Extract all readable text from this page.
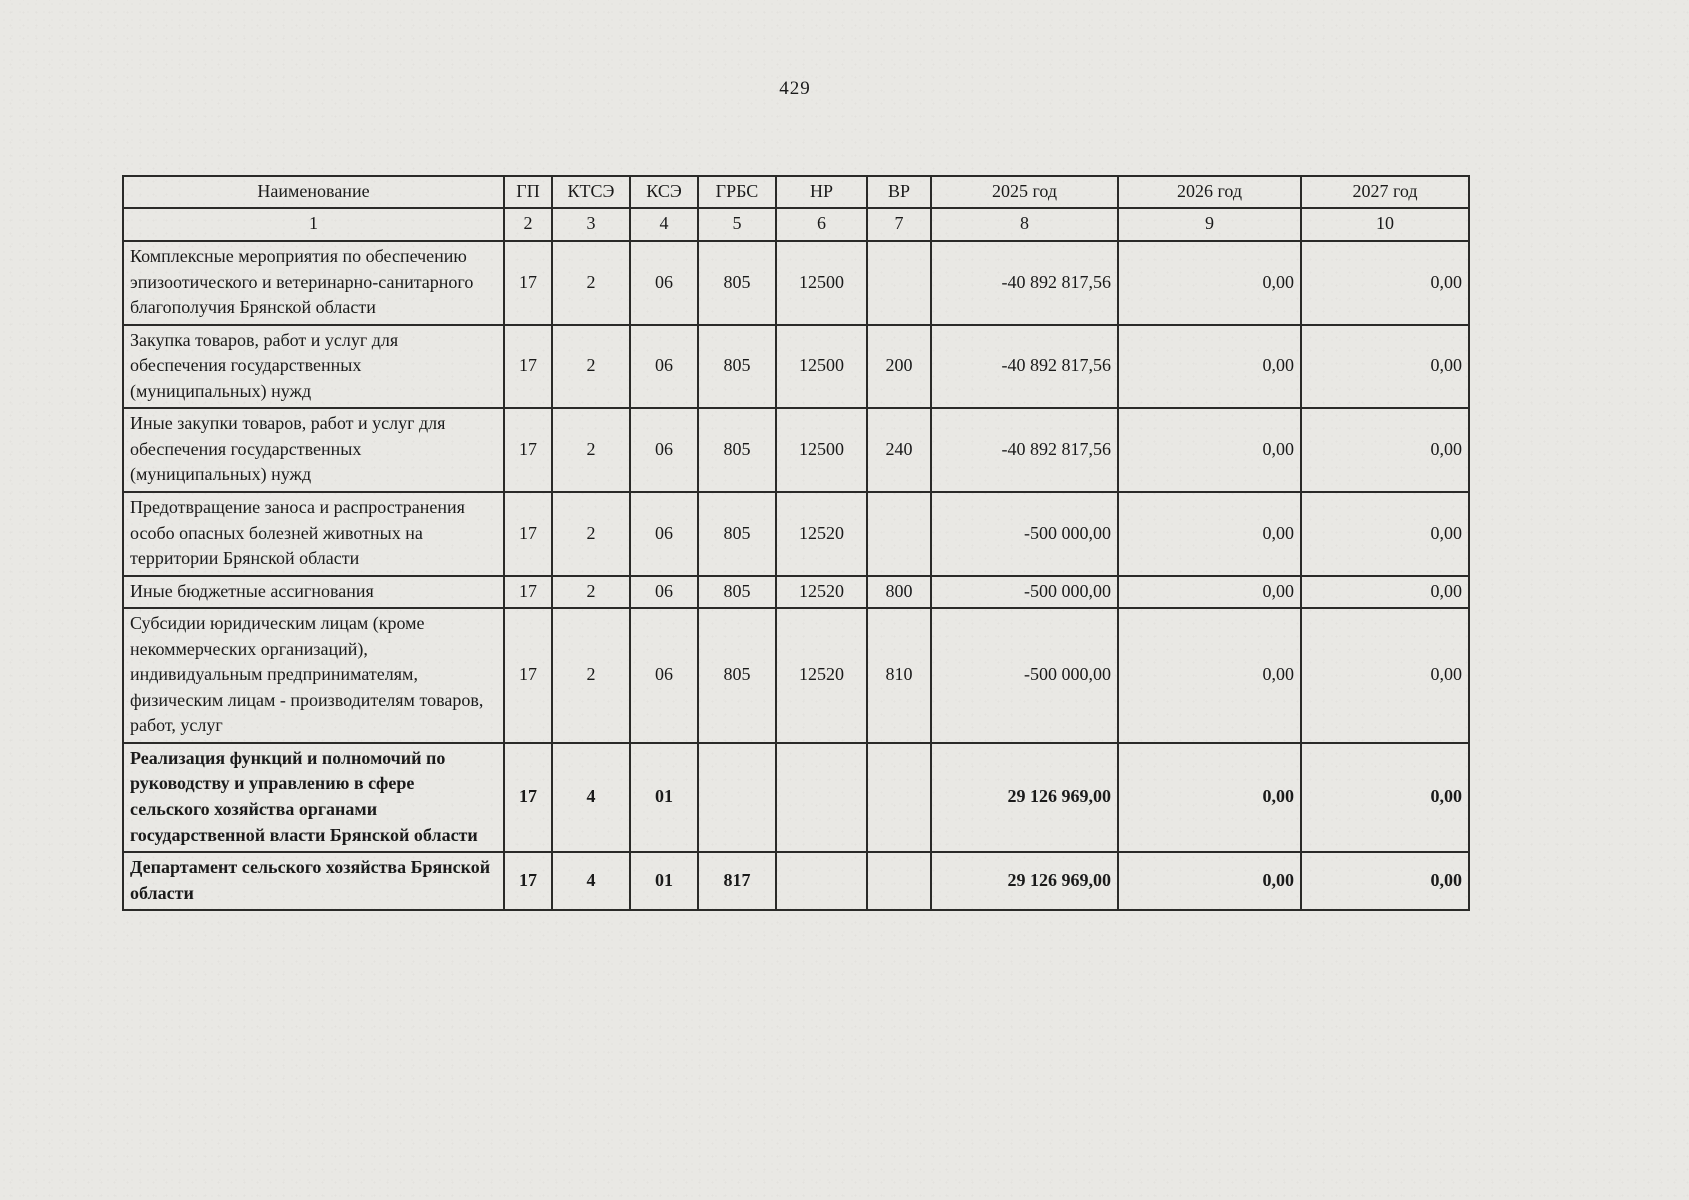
429
Наименование	ГП	КТСЭ	КСЭ	ГРБС	НР	ВР	2025 год	2026 год	2027 год
1	2	3	4	5	6	7	8	9	10
Комплексные мероприятия по обеспечению эпизоотического и ветеринарно-санитарного благополучия Брянской области	17	2	06	805	12500		-40 892 817,56	0,00	0,00
Закупка товаров, работ и услуг для обеспечения государственных (муниципальных) нужд	17	2	06	805	12500	200	-40 892 817,56	0,00	0,00
Иные закупки товаров, работ и услуг для обеспечения государственных (муниципальных) нужд	17	2	06	805	12500	240	-40 892 817,56	0,00	0,00
Предотвращение заноса и распространения особо опасных болезней животных на территории Брянской области	17	2	06	805	12520		-500 000,00	0,00	0,00
Иные бюджетные ассигнования	17	2	06	805	12520	800	-500 000,00	0,00	0,00
Субсидии юридическим лицам (кроме некоммерческих организаций), индивидуальным предпринимателям, физическим лицам - производителям товаров, работ, услуг	17	2	06	805	12520	810	-500 000,00	0,00	0,00
Реализация функций и полномочий по руководству и управлению в сфере сельского хозяйства органами государственной власти Брянской области	17	4	01				29 126 969,00	0,00	0,00
Департамент сельского хозяйства Брянской области	17	4	01	817			29 126 969,00	0,00	0,00
